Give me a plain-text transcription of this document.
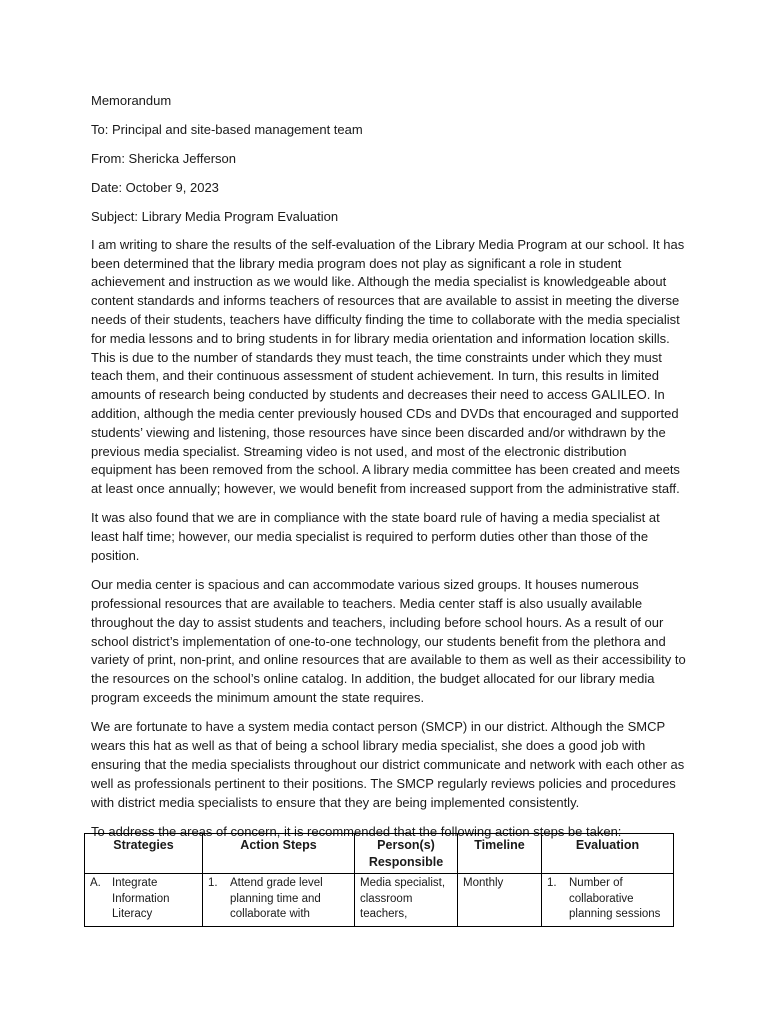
Memorandum

To: Principal and site-based management team

From: Shericka Jefferson

Date: October 9, 2023

Subject: Library Media Program Evaluation

I am writing to share the results of the self-evaluation of the Library Media Program at our school. It has been determined that the library media program does not play as significant a role in student achievement and instruction as we would like. Although the media specialist is knowledgeable about content standards and informs teachers of resources that are available to assist in meeting the diverse needs of their students, teachers have difficulty finding the time to collaborate with the media specialist for media lessons and to bring students in for library media orientation and information location skills. This is due to the number of standards they must teach, the time constraints under which they must teach them, and their continuous assessment of student achievement. In turn, this results in limited amounts of research being conducted by students and decreases their need to access GALILEO. In addition, although the media center previously housed CDs and DVDs that encouraged and supported students’ viewing and listening, those resources have since been discarded and/or withdrawn by the previous media specialist. Streaming video is not used, and most of the electronic distribution equipment has been removed from the school. A library media committee has been created and meets at least once annually; however, we would benefit from increased support from the administrative staff.

It was also found that we are in compliance with the state board rule of having a media specialist at least half time; however, our media specialist is required to perform duties other than those of the position.

Our media center is spacious and can accommodate various sized groups. It houses numerous professional resources that are available to teachers. Media center staff is also usually available throughout the day to assist students and teachers, including before school hours. As a result of our school district’s implementation of one-to-one technology, our students benefit from the plethora and variety of print, non-print, and online resources that are available to them as well as their accessibility to the resources on the school’s online catalog. In addition, the budget allocated for our library media program exceeds the minimum amount the state requires.

We are fortunate to have a system media contact person (SMCP) in our district. Although the SMCP wears this hat as well as that of being a school library media specialist, she does a good job with ensuring that the media specialists throughout our district communicate and network with each other as well as professionals pertinent to their positions. The SMCP regularly reviews policies and procedures with district media specialists to ensure that they are being implemented consistently.

To address the areas of concern, it is recommended that the following action steps be taken:

Strategies	Action Steps	Person(s) Responsible	Timeline	Evaluation

A. Integrate Information Literacy	1. Attend grade level planning time and collaborate with	Media specialist, classroom teachers,	Monthly	1. Number of collaborative planning sessions
